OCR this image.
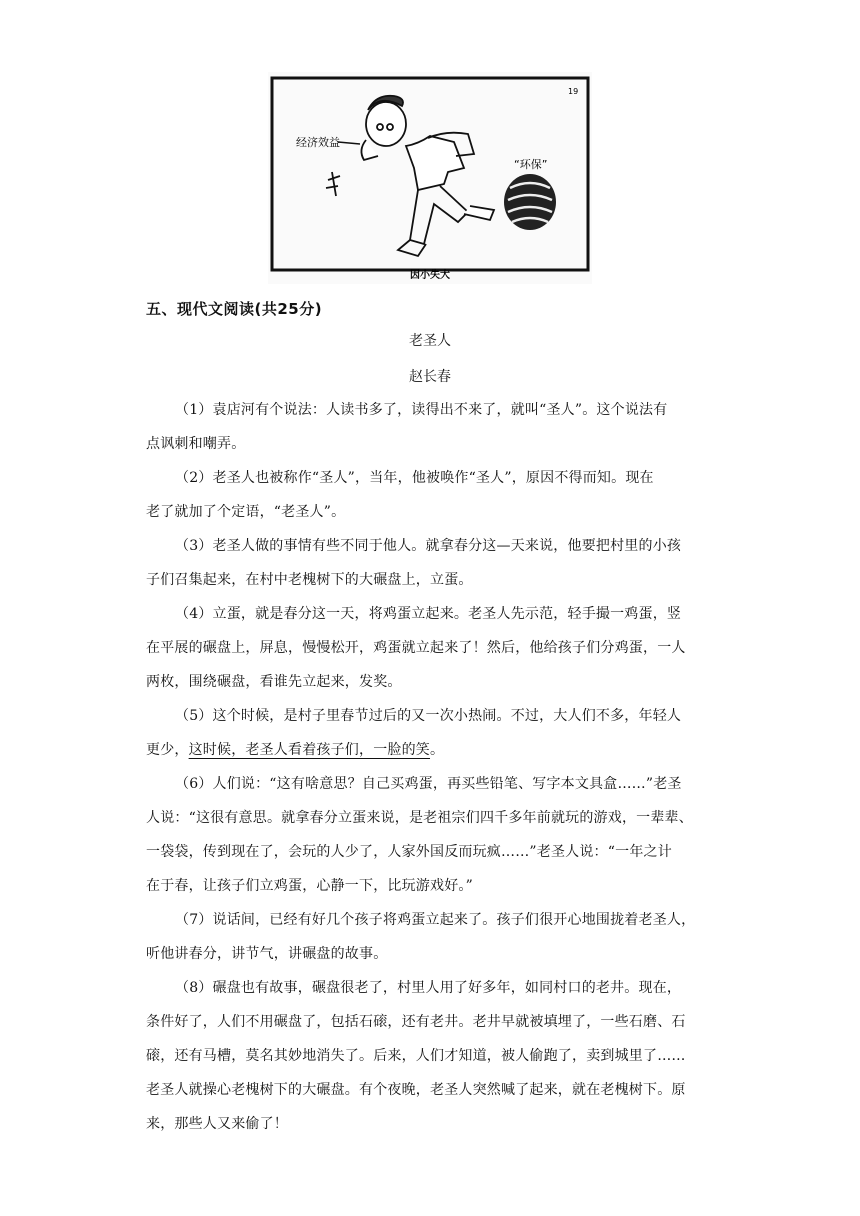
19
经济效益
“环保”
因小失大
五、现代文阅读(共25分)
老圣人
赵长春
（1）袁店河有个说法：人读书多了，读得出不来了，就叫“圣人”。这个说法有
点讽刺和嘲弄。
（2）老圣人也被称作“圣人”，当年，他被唤作“圣人”，原因不得而知。现在
老了就加了个定语，“老圣人”。
（3）老圣人做的事情有些不同于他人。就拿春分这—天来说，他要把村里的小孩
子们召集起来，在村中老槐树下的大碾盘上，立蛋。
（4）立蛋，就是春分这一天，将鸡蛋立起来。老圣人先示范，轻手撮一鸡蛋，竖
在平展的碾盘上，屏息，慢慢松开，鸡蛋就立起来了！然后，他给孩子们分鸡蛋，一人
两枚，围绕碾盘，看谁先立起来，发奖。
（5）这个时候，是村子里春节过后的又一次小热闹。不过，大人们不多，年轻人
更少，这时候，老圣人看着孩子们，一脸的笑。
（6）人们说：“这有啥意思？自己买鸡蛋，再买些铅笔、写字本文具盒……”老圣
人说：“这很有意思。就拿春分立蛋来说，是老祖宗们四千多年前就玩的游戏，一辈辈、
一袋袋，传到现在了，会玩的人少了，人家外国反而玩疯……”老圣人说：“一年之计
在于春，让孩子们立鸡蛋，心静一下，比玩游戏好。”
（7）说话间，已经有好几个孩子将鸡蛋立起来了。孩子们很开心地围拢着老圣人，
听他讲春分，讲节气，讲碾盘的故事。
（8）碾盘也有故事，碾盘很老了，村里人用了好多年，如同村口的老井。现在，
条件好了，人们不用碾盘了，包括石磙，还有老井。老井早就被填埋了，一些石磨、石
磙，还有马槽，莫名其妙地消失了。后来，人们才知道，被人偷跑了，卖到城里了……
老圣人就操心老槐树下的大碾盘。有个夜晚，老圣人突然喊了起来，就在老槐树下。原
来，那些人又来偷了！
